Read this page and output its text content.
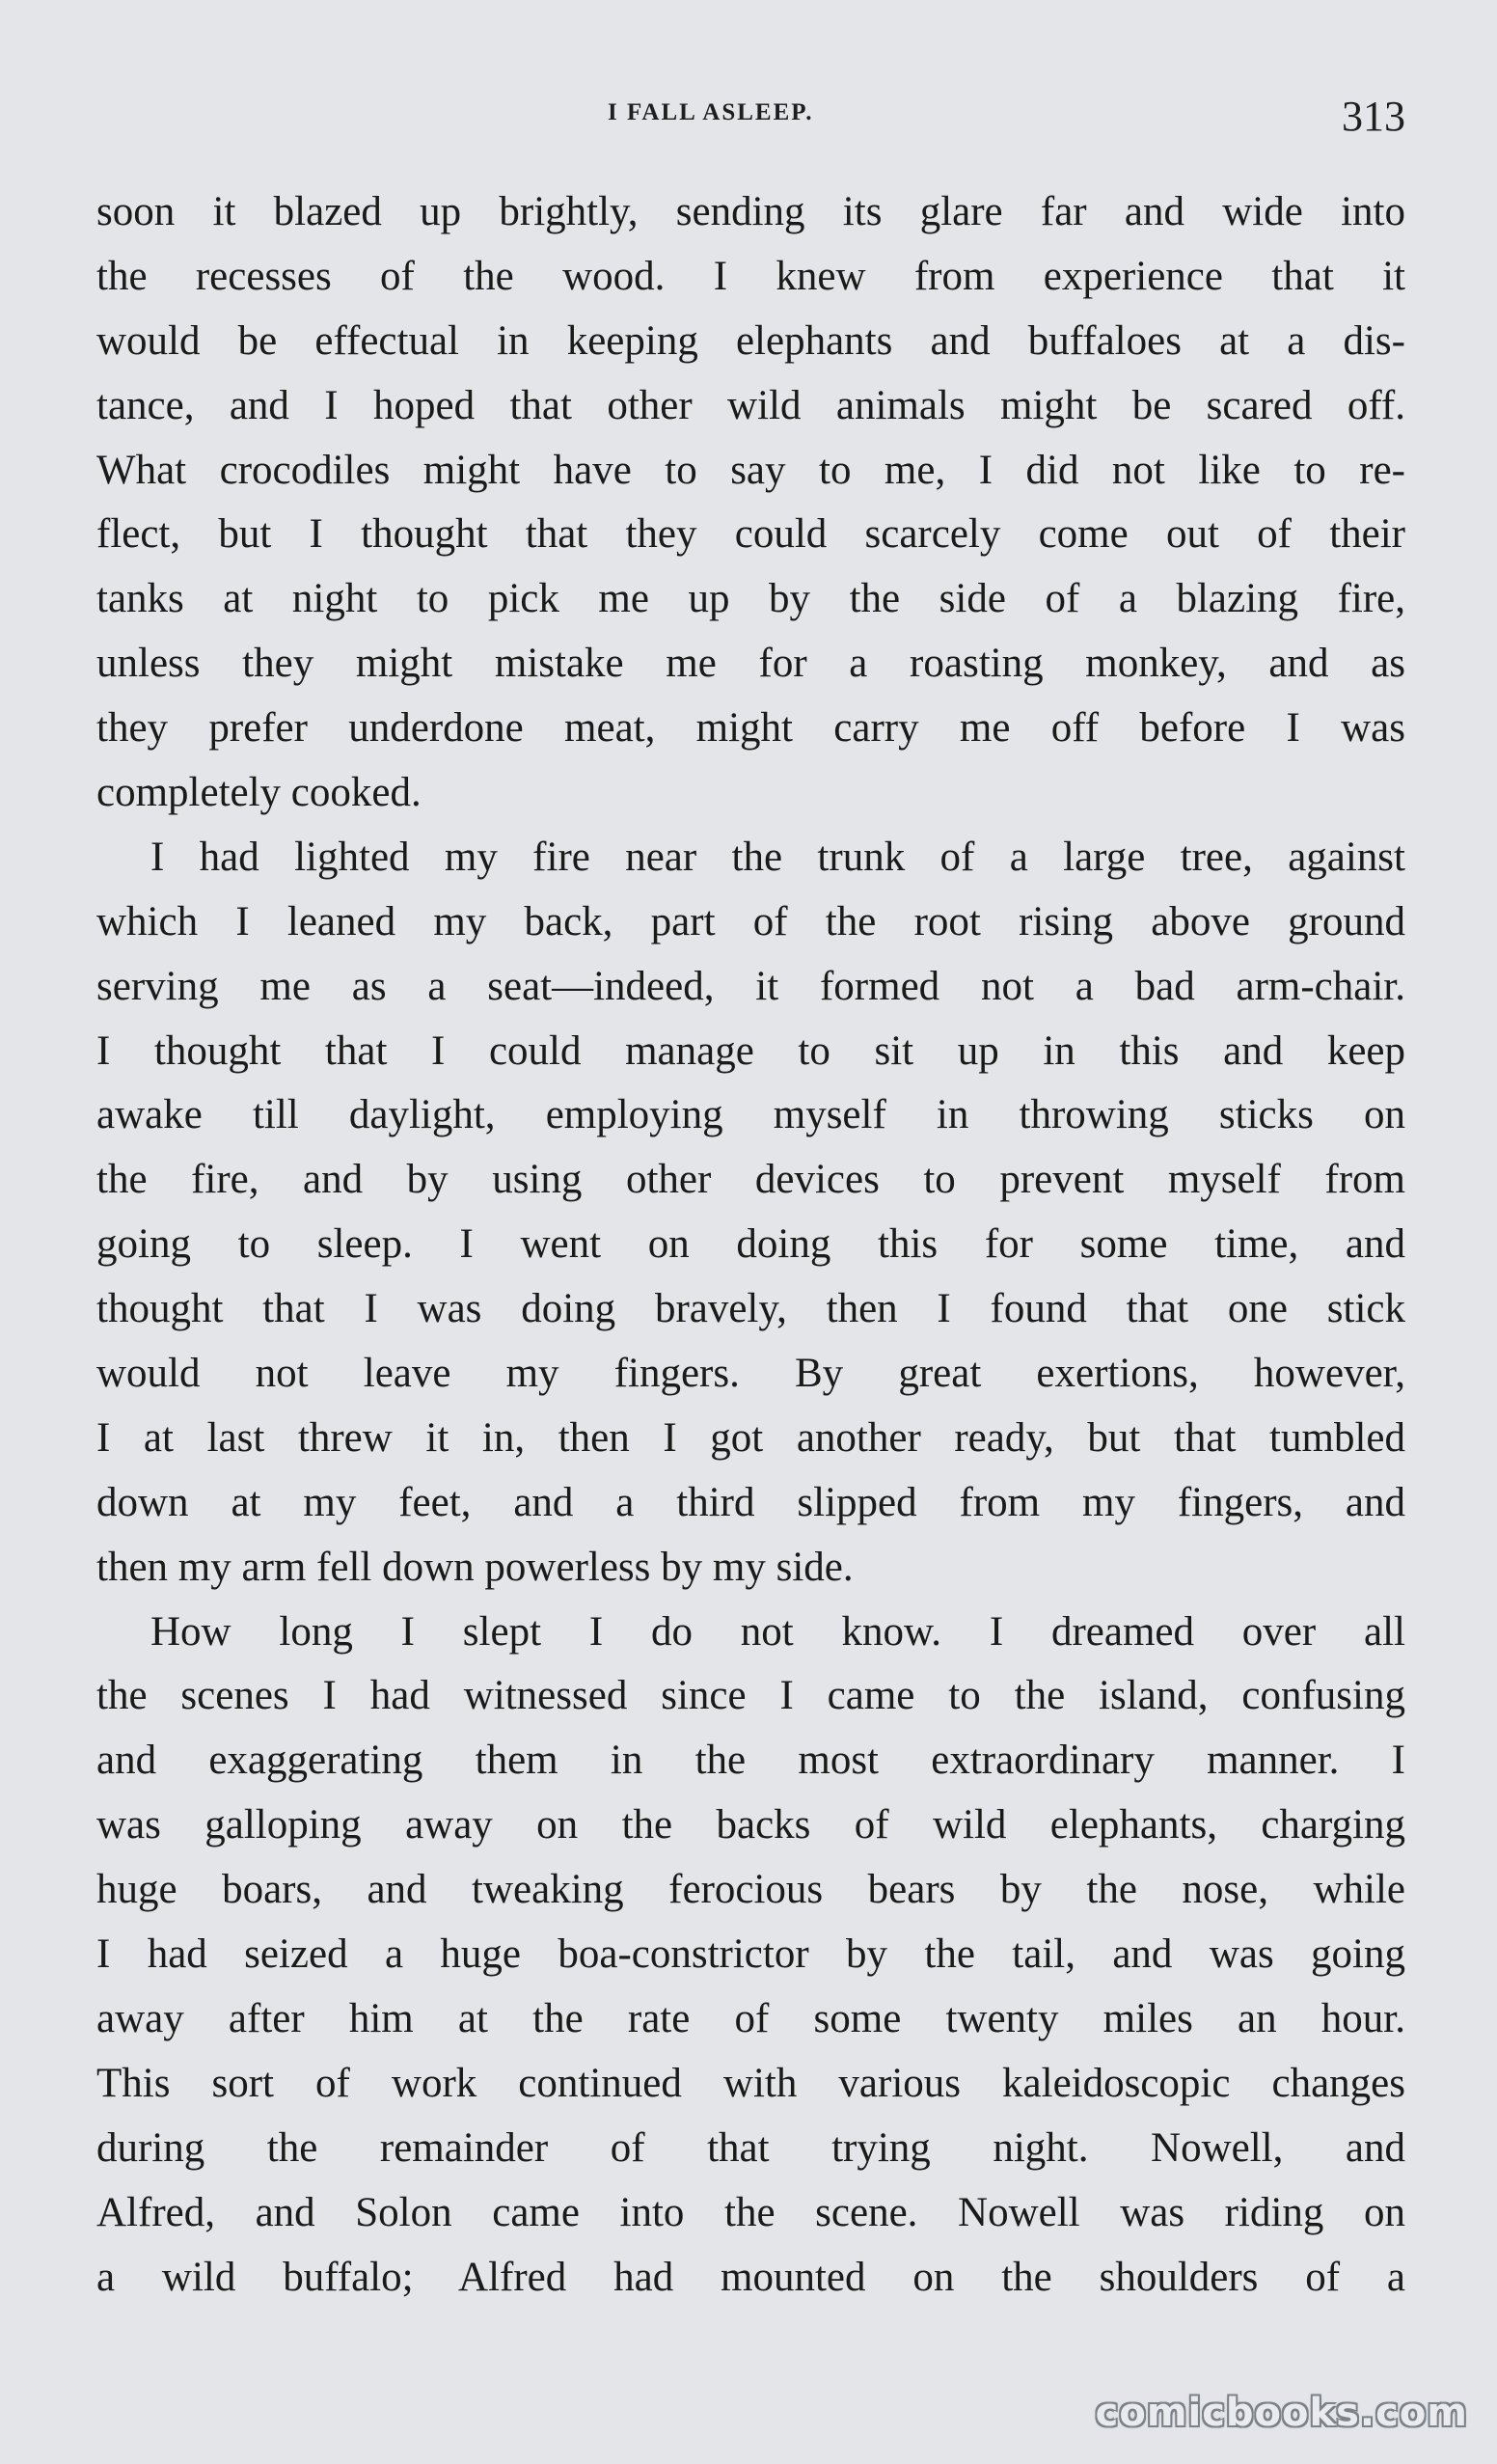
I FALL ASLEEP.	313
soon it blazed up brightly, sending its glare far and wide into
the recesses of the wood. I knew from experience that it
would be effectual in keeping elephants and buffaloes at a dis-
tance, and I hoped that other wild animals might be scared off.
What crocodiles might have to say to me, I did not like to re-
flect, but I thought that they could scarcely come out of their
tanks at night to pick me up by the side of a blazing fire,
unless they might mistake me for a roasting monkey, and as
they prefer underdone meat, might carry me off before I was
completely cooked.
I had lighted my fire near the trunk of a large tree, against
which I leaned my back, part of the root rising above ground
serving me as a seat—indeed, it formed not a bad arm-chair.
I thought that I could manage to sit up in this and keep
awake till daylight, employing myself in throwing sticks on
the fire, and by using other devices to prevent myself from
going to sleep. I went on doing this for some time, and
thought that I was doing bravely, then I found that one stick
would not leave my fingers. By great exertions, however,
I at last threw it in, then I got another ready, but that tumbled
down at my feet, and a third slipped from my fingers, and
then my arm fell down powerless by my side.
How long I slept I do not know. I dreamed over all
the scenes I had witnessed since I came to the island, confusing
and exaggerating them in the most extraordinary manner. I
was galloping away on the backs of wild elephants, charging
huge boars, and tweaking ferocious bears by the nose, while
I had seized a huge boa-constrictor by the tail, and was going
away after him at the rate of some twenty miles an hour.
This sort of work continued with various kaleidoscopic changes
during the remainder of that trying night. Nowell, and
Alfred, and Solon came into the scene. Nowell was riding on
a wild buffalo; Alfred had mounted on the shoulders of a
comicbooks.com
